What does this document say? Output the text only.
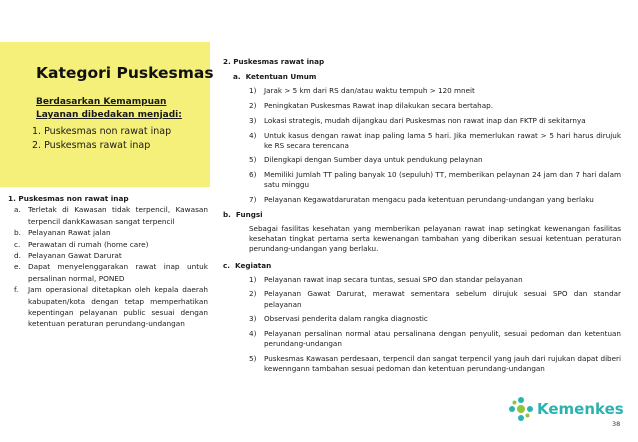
Kategori Puskesmas
Berdasarkan Kemampuan Layanan dibedakan menjadi:
1. Puskesmas non rawat inap
2. Puskesmas rawat inap
1. Puskesmas non rawat inap
a. Terletak di Kawasan tidak terpencil, Kawasan terpencil dankKawasan sangat terpencil
b. Pelayanan Rawat jalan
c.	Perawatan di rumah (home care)
d. Pelayanan Gawat Darurat
e. Dapat menyelenggarakan rawat inap untuk persalinan normal, PONED
f.	Jam operasional ditetapkan oleh kepala daerah kabupaten/kota dengan tetap memperhatikan kepentingan pelayanan public sesuai dengan ketentuan peraturan perundang-undangan
2. Puskesmas rawat inap
a. Ketentuan Umum
1)	Jarak > 5 km dari RS dan/atau waktu tempuh > 120 mneit
2)	Peningkatan Puskesmas Rawat inap dilakukan secara bertahap.
3)	Lokasi strategis, mudah dijangkau dari Puskesmas non rawat inap dan FKTP di sekitarnya
4)	Untuk kasus dengan rawat inap paling lama 5 hari. Jika memerlukan rawat > 5 hari harus dirujuk ke RS secara terencana
5)	Dilengkapi dengan Sumber daya untuk pendukung pelaynan
6)	Memiliki Jumlah TT paling banyak 10 (sepuluh) TT, memberikan pelaynan 24 jam dan 7 hari dalam satu minggu
7)	Pelayanan Kegawatdaruratan mengacu pada ketentuan perundang-undangan yang berlaku
b. Fungsi

Sebagai fasilitas kesehatan yang memberikan pelayanan rawat inap setingkat kewenangan fasilitas kesehatan tingkat pertama serta kewenangan tambahan yang diberikan sesuai ketentuan peraturan perundang-undangan yang berlaku.

c. Kegiatan
1)	Pelayanan rawat inap secara tuntas, sesuai SPO dan standar pelayanan
2)	Pelayanan Gawat Darurat, merawat sementara sebelum dirujuk sesuai SPO dan standar pelayanan
3)	Observasi penderita dalam rangka diagnostic
4)	Pelayanan persalinan normal atau persalinana dengan penyulit, sesuai pedoman dan ketentuan perundang-undangan
5)	Puskesmas Kawasan perdesaan, terpencil dan sangat terpencil yang jauh dari rujukan dapat diberi kewenngann tambahan sesuai pedoman dan ketentuan perundang-undangan
Kemenkes
38
